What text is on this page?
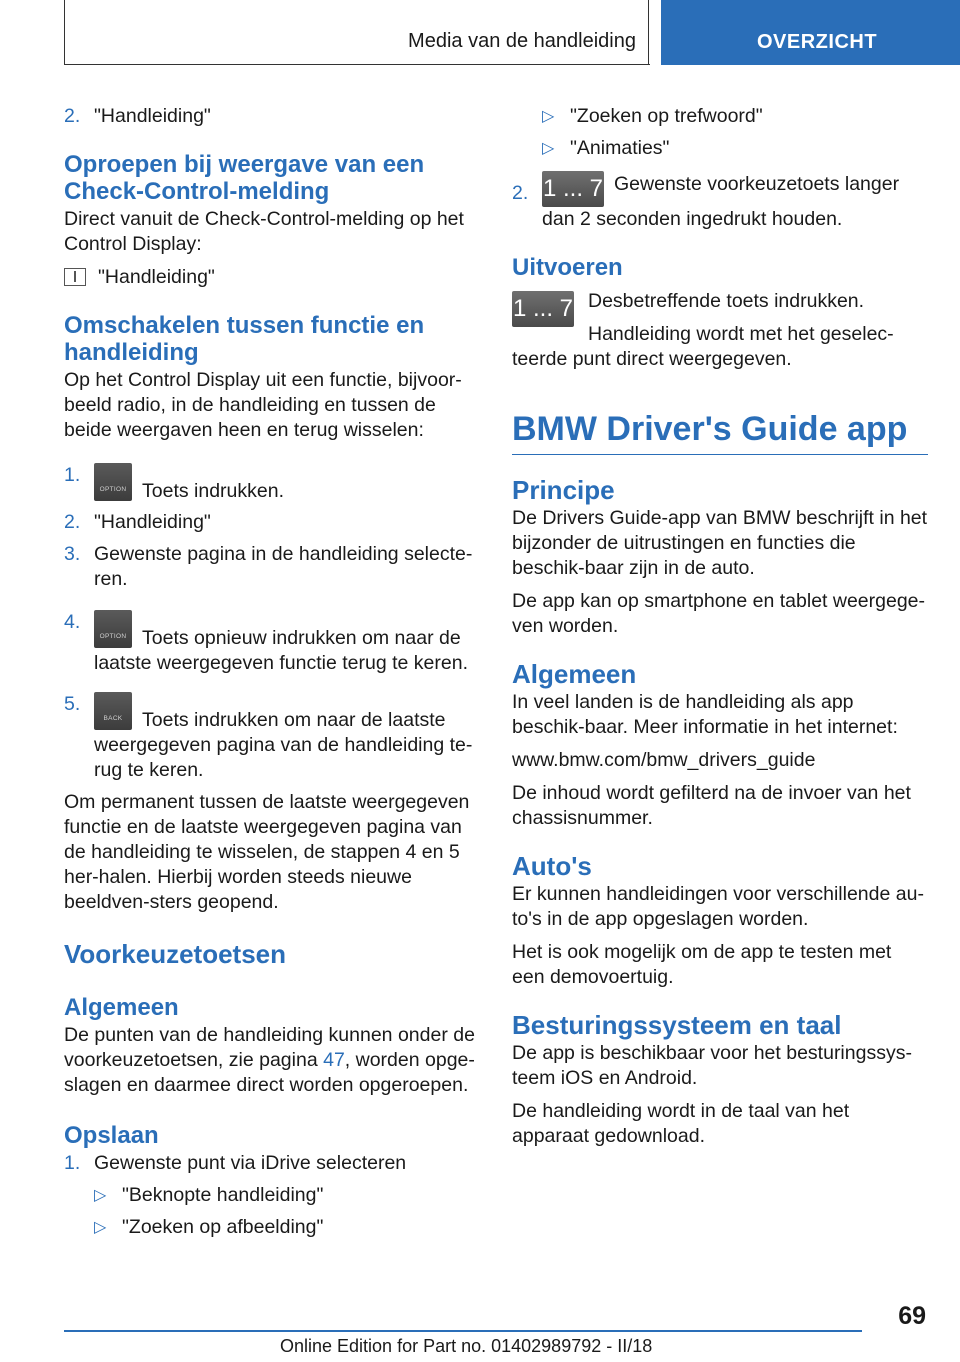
Media van de handleiding	OVERZICHT
2. "Handleiding"
Oproepen bij weergave van een Check-Control-melding

Direct vanuit de Check-Control-melding op het Control Display:

"Handleiding"

Omschakelen tussen functie en handleiding

Op het Control Display uit een functie, bijvoor-beeld radio, in de handleiding en tussen de beide weergaven heen en terug wisselen:

1.
OPTION Toets indrukken.
2. "Handleiding"
3. Gewenste pagina in de handleiding selecte-ren.
4.
OPTION Toets opnieuw indrukken om naar de laatste weergegeven functie terug te keren.
5.
BACK	Toets indrukken om naar de laatste weergegeven pagina van de handleiding te-rug te keren.

Om permanent tussen de laatste weergegeven functie en de laatste weergegeven pagina van de handleiding te wisselen, de stappen 4 en 5 her-halen. Hierbij worden steeds nieuwe beeldven-sters geopend.

Voorkeuzetoetsen
Algemeen

De punten van de handleiding kunnen onder de voorkeuzetoetsen, zie pagina 47, worden opge-slagen en daarmee direct worden opgeroepen.

Opslaan
1. Gewenste punt via iDrive selecteren
▷ "Beknopte handleiding"
▷ "Zoeken op afbeelding"
▷ "Zoeken op trefwoord"
▷ "Animaties"
2. 1 ... 7 Gewenste voorkeuzetoets langer dan 2 seconden ingedrukt houden.
Uitvoeren
1 ... 7 Desbetreffende toets indrukken.

Handleiding wordt met het geselec-teerde punt direct weergegeven.

BMW Driver's Guide app
Principe

De Drivers Guide-app van BMW beschrijft in het bijzonder de uitrustingen en functies die beschik-baar zijn in de auto.

De app kan op smartphone en tablet weergege-ven worden.

Algemeen

In veel landen is de handleiding als app beschik-baar. Meer informatie in het internet:

www.bmw.com/bmw_drivers_guide

De inhoud wordt gefilterd na de invoer van het chassisnummer.

Auto's

Er kunnen handleidingen voor verschillende au-to's in de app opgeslagen worden.

Het is ook mogelijk om de app te testen met een demovoertuig.

Besturingssysteem en taal

De app is beschikbaar voor het besturingssys-teem iOS en Android.

De handleiding wordt in de taal van het apparaat gedownload.

69
Online Edition for Part no. 01402989792 - II/18
